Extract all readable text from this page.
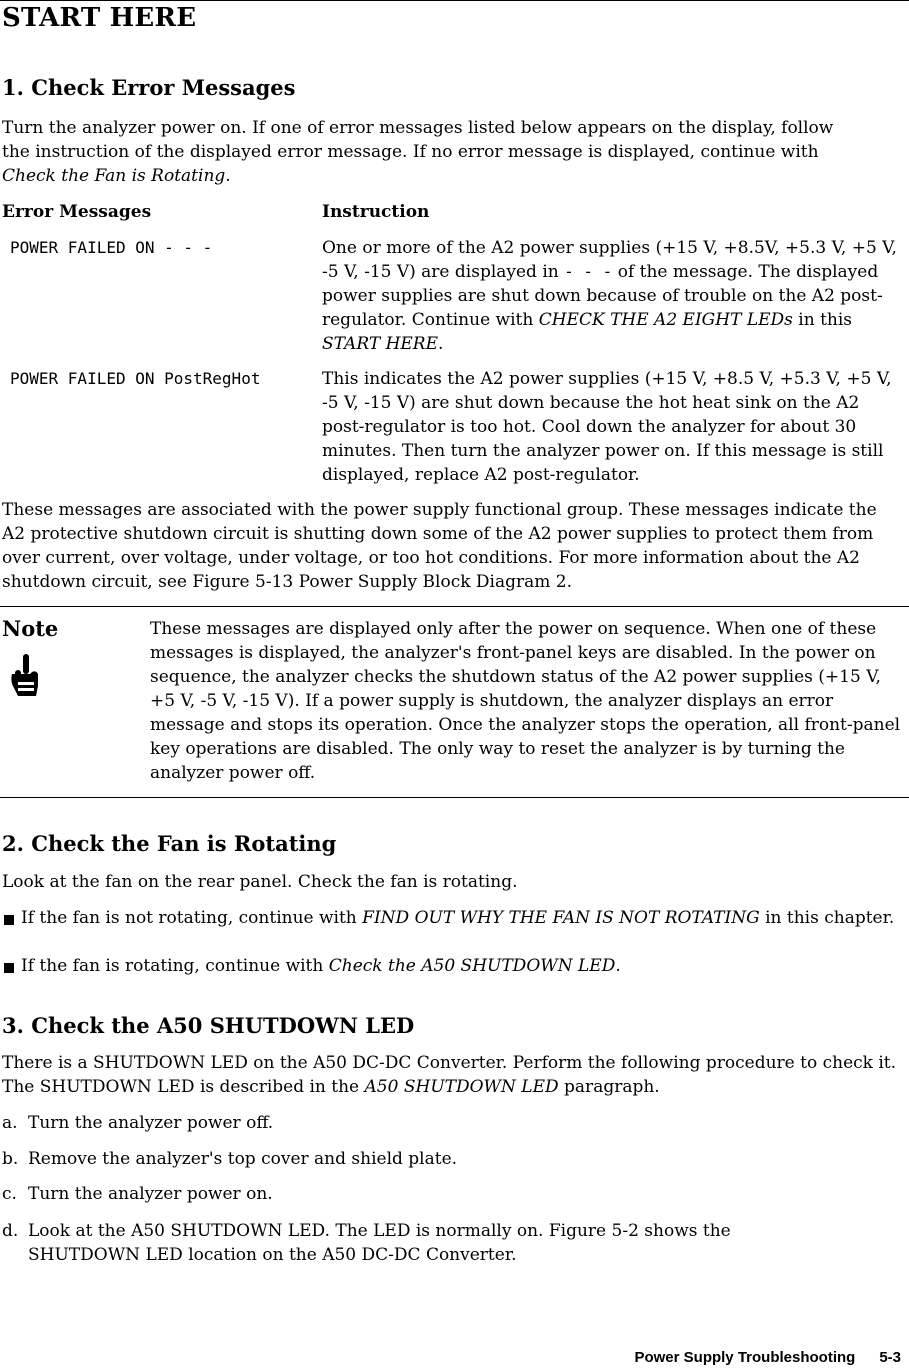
START HERE
1. Check Error Messages
Turn the analyzer power on. If one of error messages listed below appears on the display, follow the instruction of the displayed error message. If no error message is displayed, continue with Check the Fan is Rotating.
Error Messages	Instruction
POWER FAILED ON - - -	One or more of the A2 power supplies (+15 V, +8.5V, +5.3 V, +5 V, -5 V, -15 V) are displayed in - - - of the message. The displayed power supplies are shut down because of trouble on the A2 post-regulator. Continue with CHECK THE A2 EIGHT LEDs in this START HERE.
POWER FAILED ON PostRegHot	This indicates the A2 power supplies (+15 V, +8.5 V, +5.3 V, +5 V, -5 V, -15 V) are shut down because the hot heat sink on the A2 post-regulator is too hot. Cool down the analyzer for about 30 minutes. Then turn the analyzer power on. If this message is still displayed, replace A2 post-regulator.
These messages are associated with the power supply functional group. These messages indicate the A2 protective shutdown circuit is shutting down some of the A2 power supplies to protect them from over current, over voltage, under voltage, or too hot conditions. For more information about the A2 shutdown circuit, see Figure 5-13 Power Supply Block Diagram 2.
Note	These messages are displayed only after the power on sequence. When one of these messages is displayed, the analyzer's front-panel keys are disabled. In the power on sequence, the analyzer checks the shutdown status of the A2 power supplies (+15 V, +5 V, -5 V, -15 V). If a power supply is shutdown, the analyzer displays an error message and stops its operation. Once the analyzer stops the operation, all front-panel key operations are disabled. The only way to reset the analyzer is by turning the analyzer power off.
2. Check the Fan is Rotating
Look at the fan on the rear panel. Check the fan is rotating.
If the fan is not rotating, continue with FIND OUT WHY THE FAN IS NOT ROTATING in this chapter.
If the fan is rotating, continue with Check the A50 SHUTDOWN LED.
3. Check the A50 SHUTDOWN LED
There is a SHUTDOWN LED on the A50 DC-DC Converter. Perform the following procedure to check it. The SHUTDOWN LED is described in the A50 SHUTDOWN LED paragraph.
a. Turn the analyzer power off.
b. Remove the analyzer's top cover and shield plate.
c. Turn the analyzer power on.
d. Look at the A50 SHUTDOWN LED. The LED is normally on. Figure 5-2 shows the SHUTDOWN LED location on the A50 DC-DC Converter.
Power Supply Troubleshooting 5-3
